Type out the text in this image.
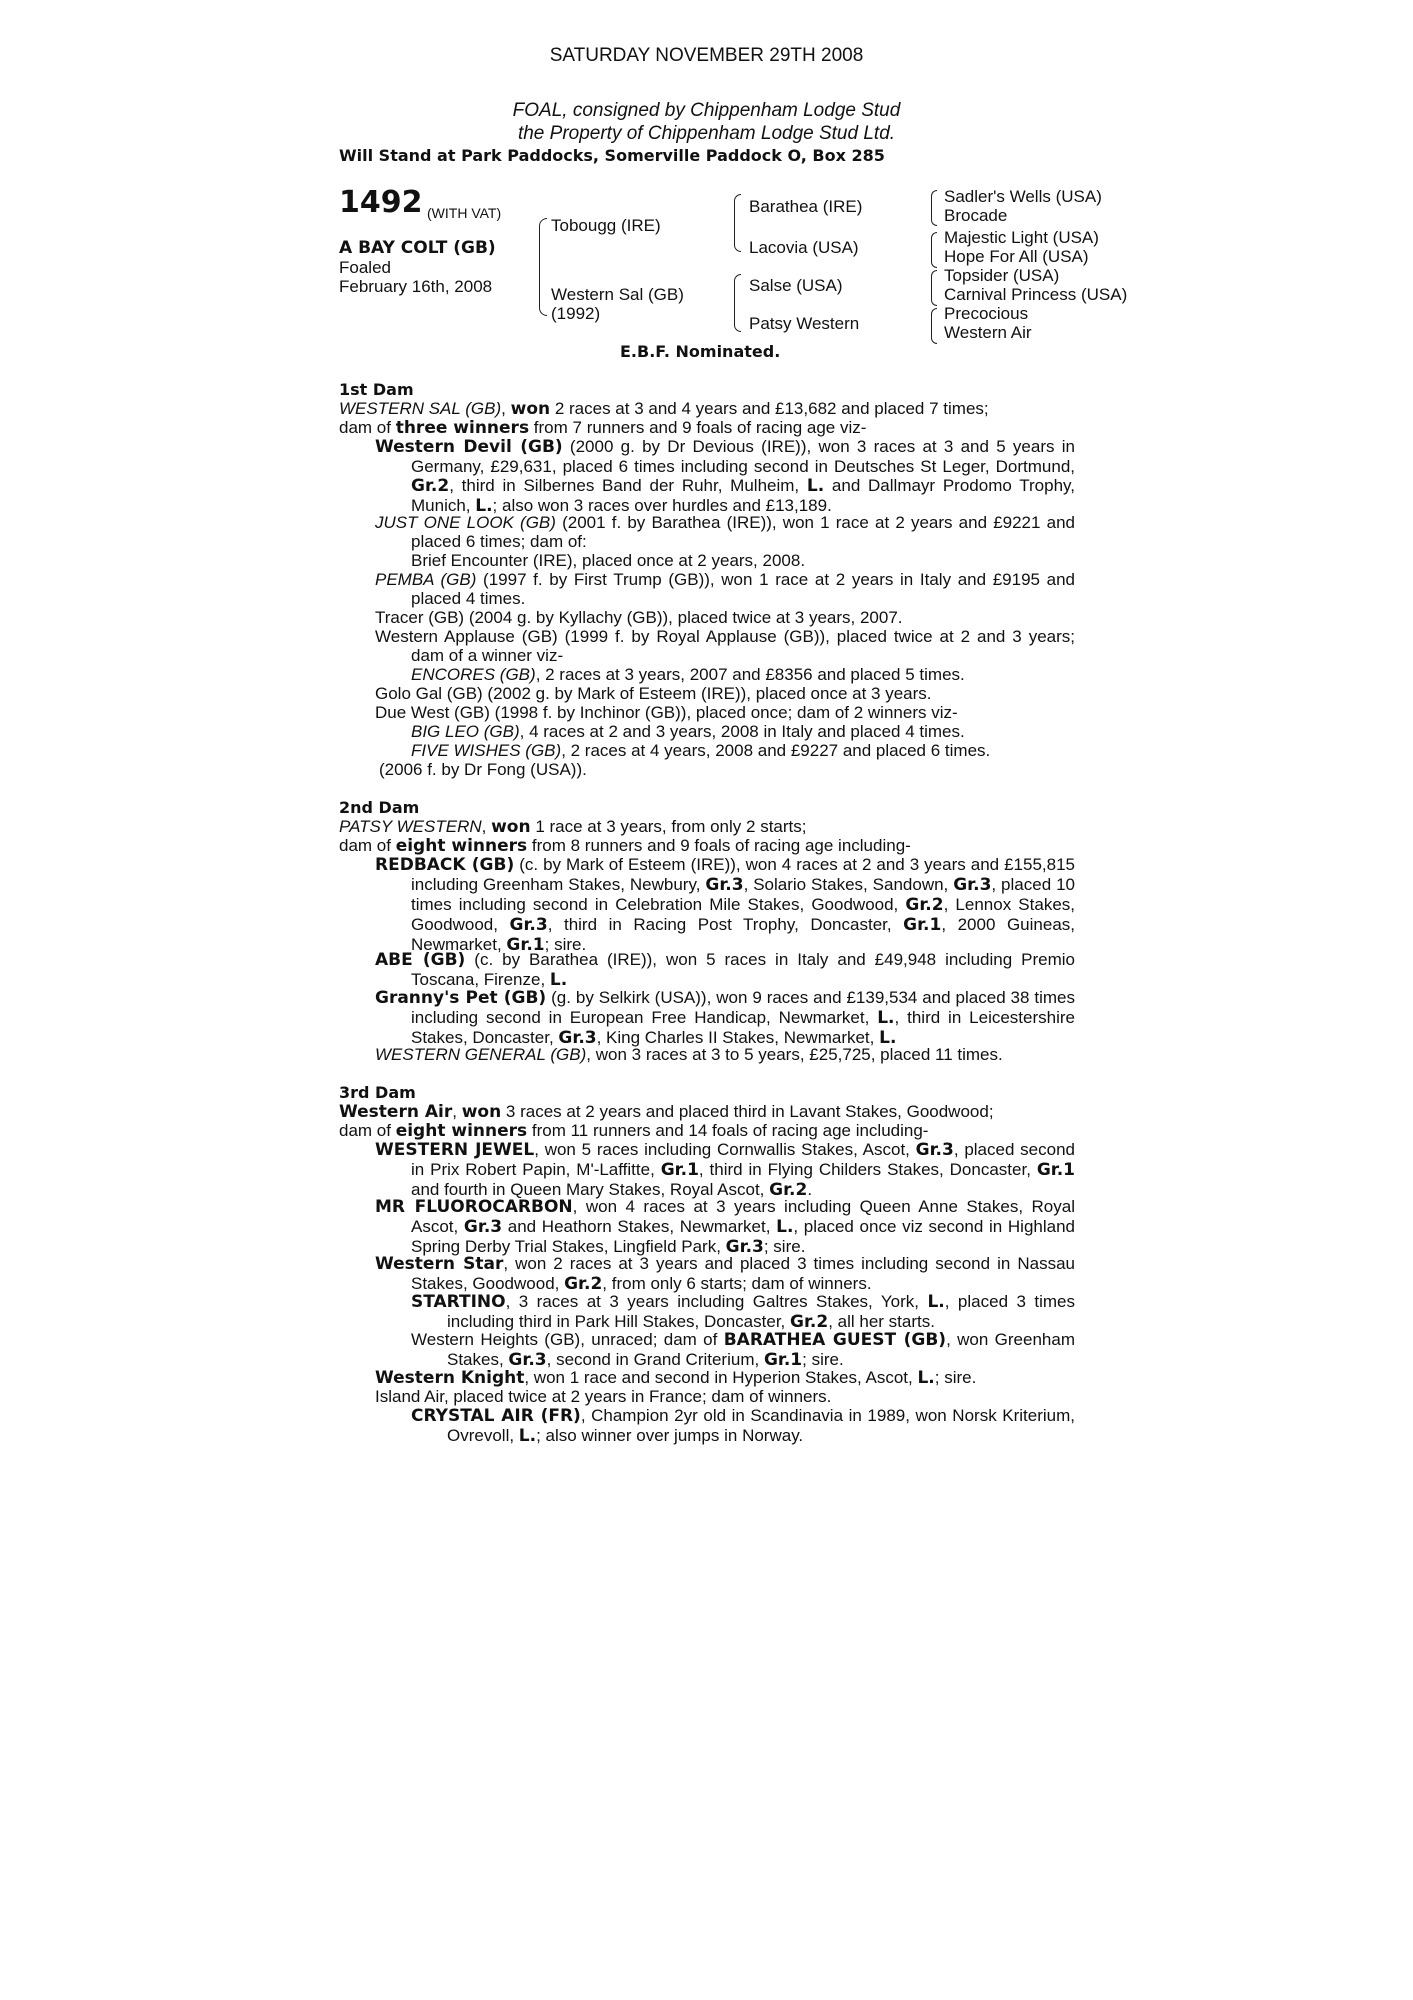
SATURDAY NOVEMBER 29TH 2008
FOAL, consigned by Chippenham Lodge Stud
the Property of Chippenham Lodge Stud Ltd.
Will Stand at Park Paddocks, Somerville Paddock O, Box 285
1492 (WITH VAT)
A BAY COLT (GB)
Foaled
February 16th, 2008
Tobougg (IRE)
Western Sal (GB)
(1992)
Barathea (IRE)
Lacovia (USA)
Salse (USA)
Patsy Western
Sadler's Wells (USA)
Brocade
Majestic Light (USA)
Hope For All (USA)
Topsider (USA)
Carnival Princess (USA)
Precocious
Western Air
E.B.F. Nominated.
1st Dam
WESTERN SAL (GB), won 2 races at 3 and 4 years and £13,682 and placed 7 times;
dam of three winners from 7 runners and 9 foals of racing age viz-
Western Devil (GB) (2000 g. by Dr Devious (IRE)), won 3 races at 3 and 5 years in Germany, £29,631, placed 6 times including second in Deutsches St Leger, Dortmund, Gr.2, third in Silbernes Band der Ruhr, Mulheim, L. and Dallmayr Prodomo Trophy, Munich, L.; also won 3 races over hurdles and £13,189.
JUST ONE LOOK (GB) (2001 f. by Barathea (IRE)), won 1 race at 2 years and £9221 and placed 6 times; dam of:
Brief Encounter (IRE), placed once at 2 years, 2008.
PEMBA (GB) (1997 f. by First Trump (GB)), won 1 race at 2 years in Italy and £9195 and placed 4 times.
Tracer (GB) (2004 g. by Kyllachy (GB)), placed twice at 3 years, 2007.
Western Applause (GB) (1999 f. by Royal Applause (GB)), placed twice at 2 and 3 years; dam of a winner viz-
ENCORES (GB), 2 races at 3 years, 2007 and £8356 and placed 5 times.
Golo Gal (GB) (2002 g. by Mark of Esteem (IRE)), placed once at 3 years.
Due West (GB) (1998 f. by Inchinor (GB)), placed once; dam of 2 winners viz-
BIG LEO (GB), 4 races at 2 and 3 years, 2008 in Italy and placed 4 times.
FIVE WISHES (GB), 2 races at 4 years, 2008 and £9227 and placed 6 times.
(2006 f. by Dr Fong (USA)).
2nd Dam
PATSY WESTERN, won 1 race at 3 years, from only 2 starts;
dam of eight winners from 8 runners and 9 foals of racing age including-
REDBACK (GB) (c. by Mark of Esteem (IRE)), won 4 races at 2 and 3 years and £155,815 including Greenham Stakes, Newbury, Gr.3, Solario Stakes, Sandown, Gr.3, placed 10 times including second in Celebration Mile Stakes, Goodwood, Gr.2, Lennox Stakes, Goodwood, Gr.3, third in Racing Post Trophy, Doncaster, Gr.1, 2000 Guineas, Newmarket, Gr.1; sire.
ABE (GB) (c. by Barathea (IRE)), won 5 races in Italy and £49,948 including Premio Toscana, Firenze, L.
Granny's Pet (GB) (g. by Selkirk (USA)), won 9 races and £139,534 and placed 38 times including second in European Free Handicap, Newmarket, L., third in Leicestershire Stakes, Doncaster, Gr.3, King Charles II Stakes, Newmarket, L.
WESTERN GENERAL (GB), won 3 races at 3 to 5 years, £25,725, placed 11 times.
3rd Dam
Western Air, won 3 races at 2 years and placed third in Lavant Stakes, Goodwood;
dam of eight winners from 11 runners and 14 foals of racing age including-
WESTERN JEWEL, won 5 races including Cornwallis Stakes, Ascot, Gr.3, placed second in Prix Robert Papin, M'-Laffitte, Gr.1, third in Flying Childers Stakes, Doncaster, Gr.1 and fourth in Queen Mary Stakes, Royal Ascot, Gr.2.
MR FLUOROCARBON, won 4 races at 3 years including Queen Anne Stakes, Royal Ascot, Gr.3 and Heathorn Stakes, Newmarket, L., placed once viz second in Highland Spring Derby Trial Stakes, Lingfield Park, Gr.3; sire.
Western Star, won 2 races at 3 years and placed 3 times including second in Nassau Stakes, Goodwood, Gr.2, from only 6 starts; dam of winners.
STARTINO, 3 races at 3 years including Galtres Stakes, York, L., placed 3 times including third in Park Hill Stakes, Doncaster, Gr.2, all her starts.
Western Heights (GB), unraced; dam of BARATHEA GUEST (GB), won Greenham Stakes, Gr.3, second in Grand Criterium, Gr.1; sire.
Western Knight, won 1 race and second in Hyperion Stakes, Ascot, L.; sire.
Island Air, placed twice at 2 years in France; dam of winners.
CRYSTAL AIR (FR), Champion 2yr old in Scandinavia in 1989, won Norsk Kriterium, Ovrevoll, L.; also winner over jumps in Norway.
